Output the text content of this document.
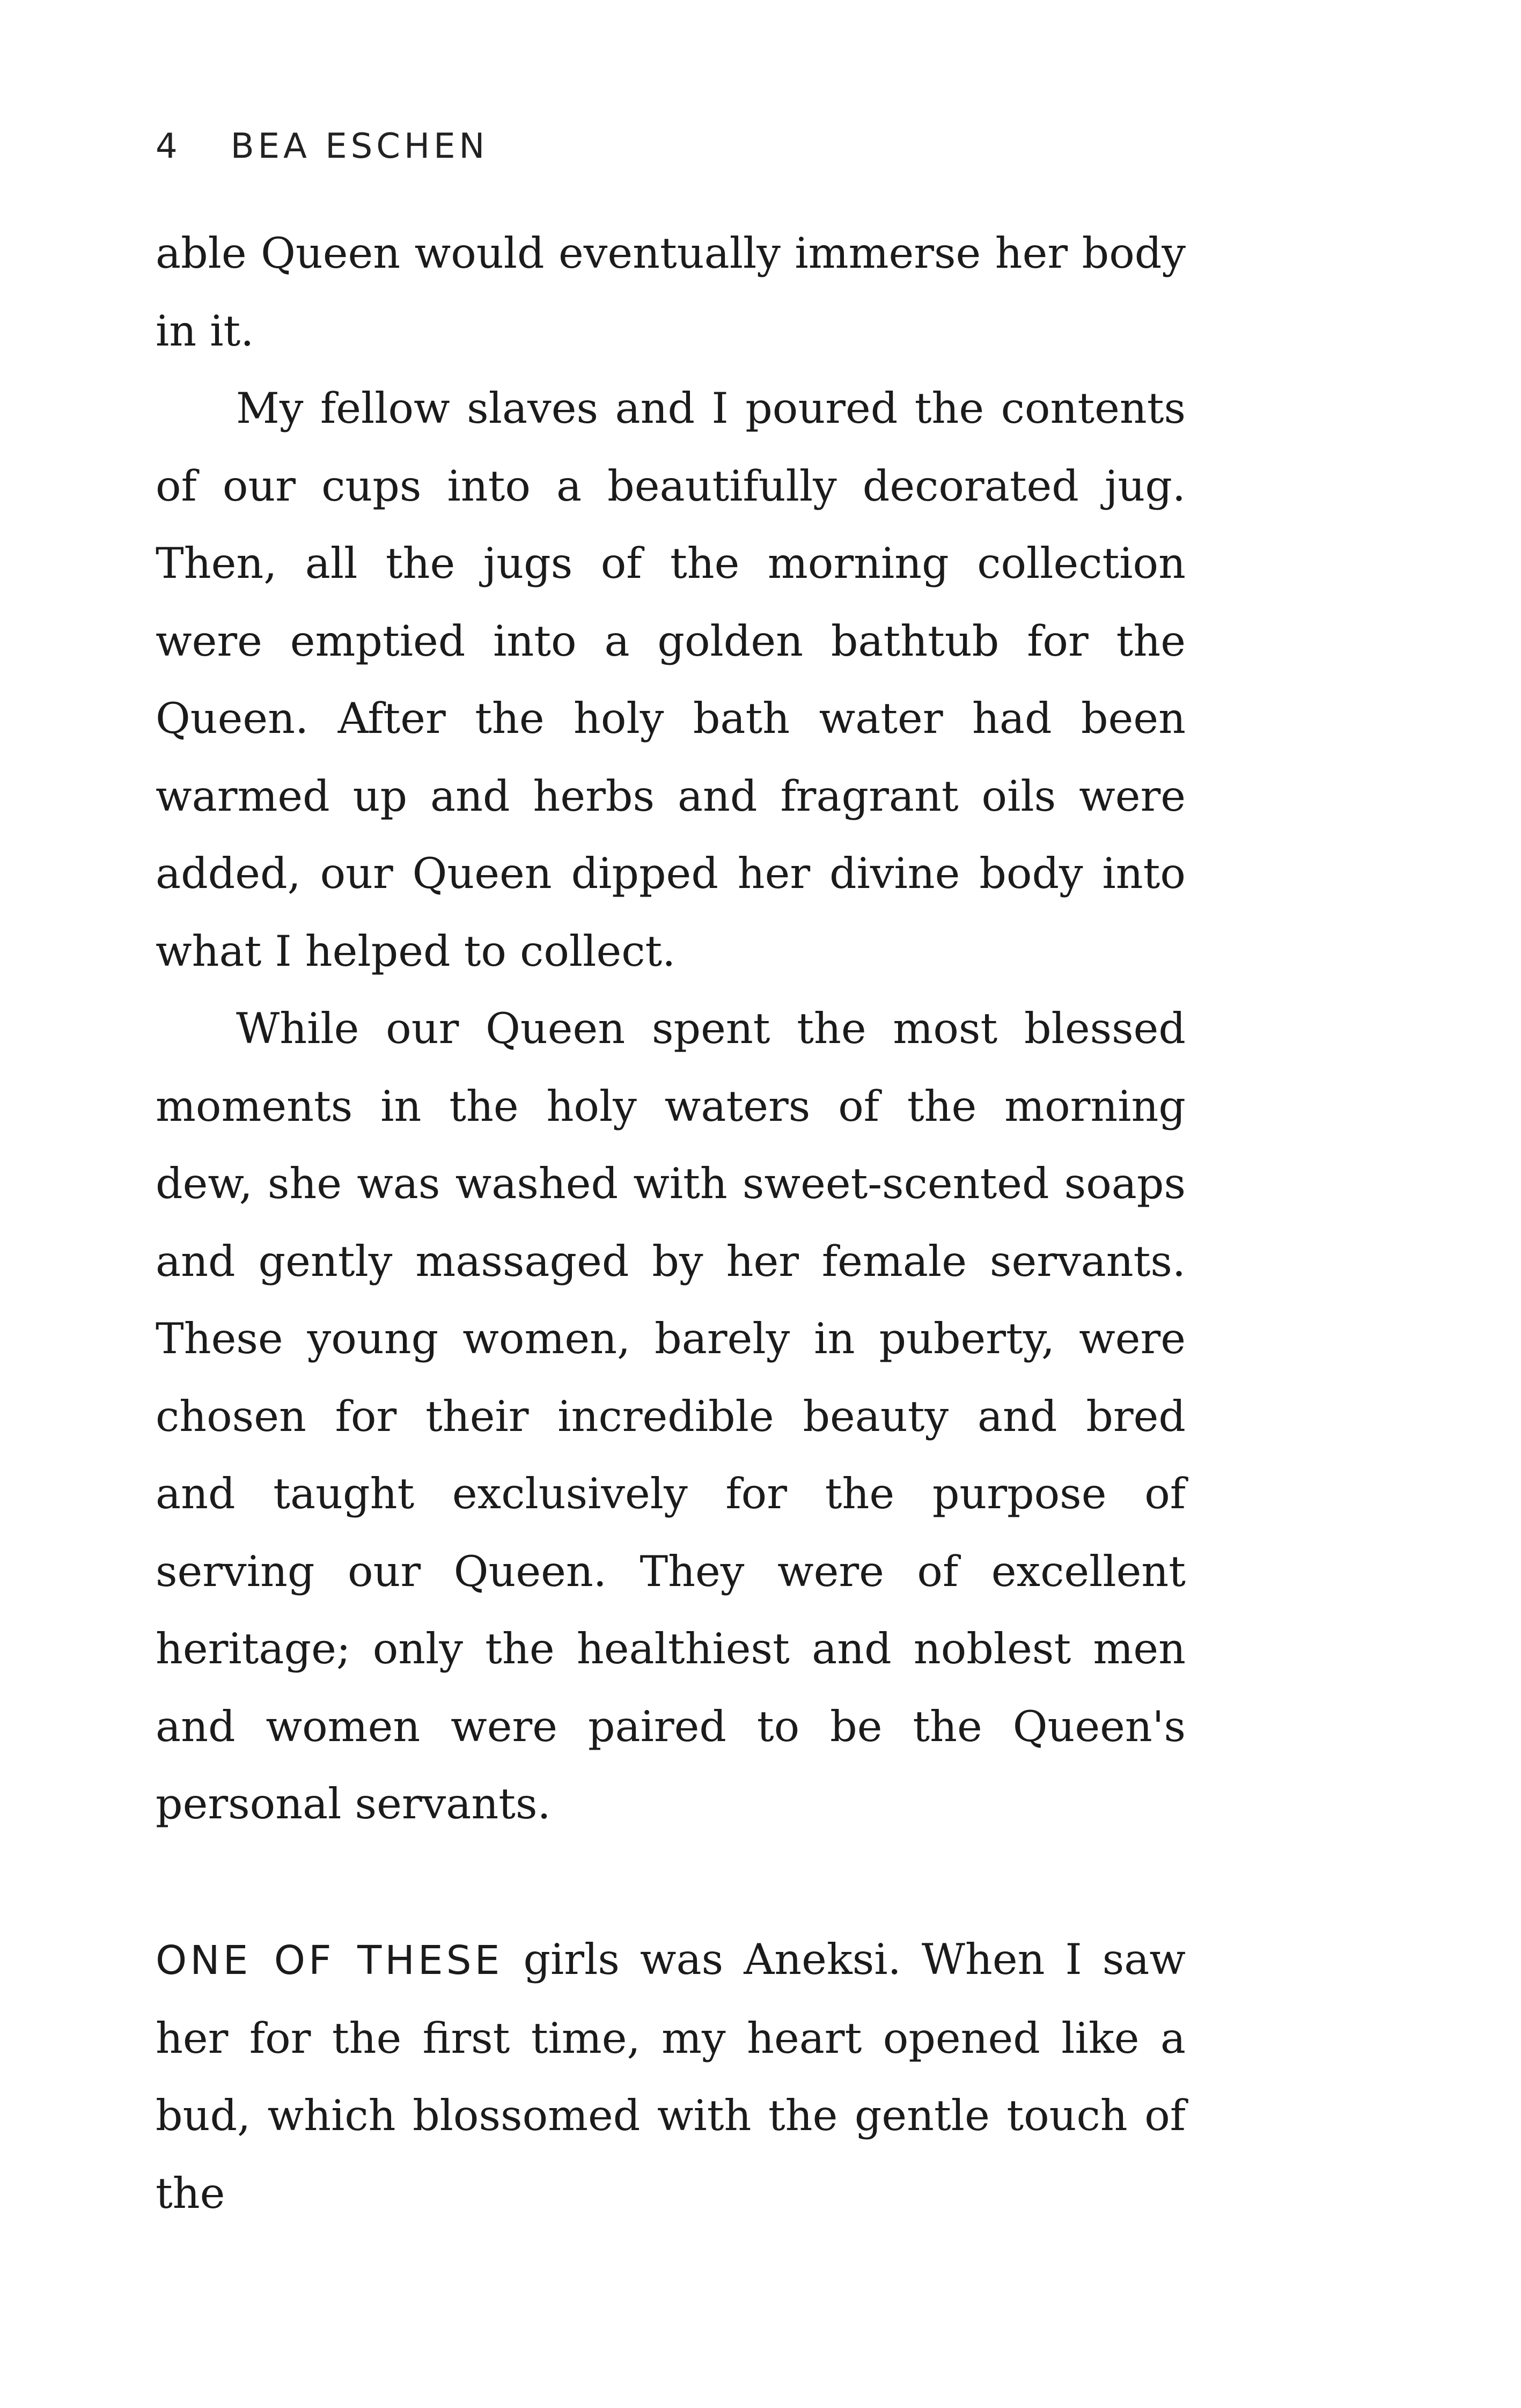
4 BEA ESCHEN

able Queen would eventually immerse her body in it.

My fellow slaves and I poured the contents of our cups into a beautifully decorated jug. Then, all the jugs of the morning collection were emptied into a golden bathtub for the Queen. After the holy bath water had been warmed up and herbs and fragrant oils were added, our Queen dipped her divine body into what I helped to collect.

While our Queen spent the most blessed moments in the holy waters of the morning dew, she was washed with sweet-scented soaps and gently massaged by her female servants. These young women, barely in puberty, were chosen for their incredible beauty and bred and taught exclusively for the purpose of serving our Queen. They were of excellent heritage; only the healthiest and noblest men and women were paired to be the Queen's personal servants.

ONE OF THESE girls was Aneksi. When I saw her for the first time, my heart opened like a bud, which blossomed with the gentle touch of the
